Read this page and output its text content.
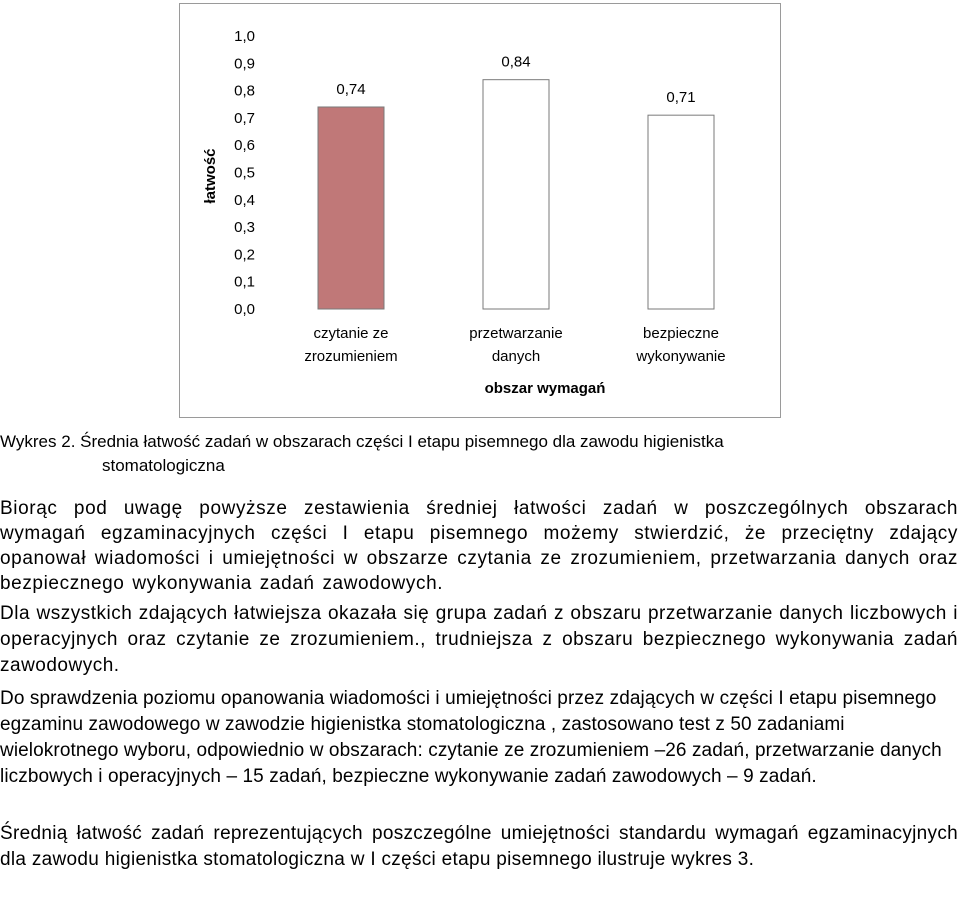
0,0
0,1
0,2
0,3
0,4
0,5
0,6
0,7
0,8
0,9
1,0
0,74
0,84
0,71
czytanie ze
zrozumieniem
przetwarzanie
danych
bezpieczne
wykonywanie
łatwość
obszar wymagań
Wykres 2. Średnia łatwość zadań w obszarach części I etapu pisemnego dla zawodu higienistka
stomatologiczna
Biorąc pod uwagę powyższe zestawienia średniej łatwości zadań w poszczególnych obszarach wymagań egzaminacyjnych części I etapu pisemnego możemy stwierdzić, że przeciętny zdający opanował wiadomości i umiejętności w obszarze czytania ze zrozumieniem, przetwarzania danych oraz bezpiecznego wykonywania zadań zawodowych.
Dla wszystkich zdających łatwiejsza okazała się grupa zadań z obszaru przetwarzanie danych liczbowych i operacyjnych oraz czytanie ze zrozumieniem., trudniejsza z obszaru bezpiecznego wykonywania zadań zawodowych.
Do sprawdzenia poziomu opanowania wiadomości i umiejętności przez zdających w części I etapu pisemnego egzaminu zawodowego w zawodzie higienistka stomatologiczna , zastosowano test z 50 zadaniami wielokrotnego wyboru, odpowiednio w obszarach: czytanie ze zrozumieniem –26 zadań, przetwarzanie danych liczbowych i operacyjnych – 15 zadań, bezpieczne wykonywanie zadań zawodowych – 9 zadań.
Średnią łatwość zadań reprezentujących poszczególne umiejętności standardu wymagań egzaminacyjnych dla zawodu higienistka stomatologiczna w I części etapu pisemnego ilustruje wykres 3.
